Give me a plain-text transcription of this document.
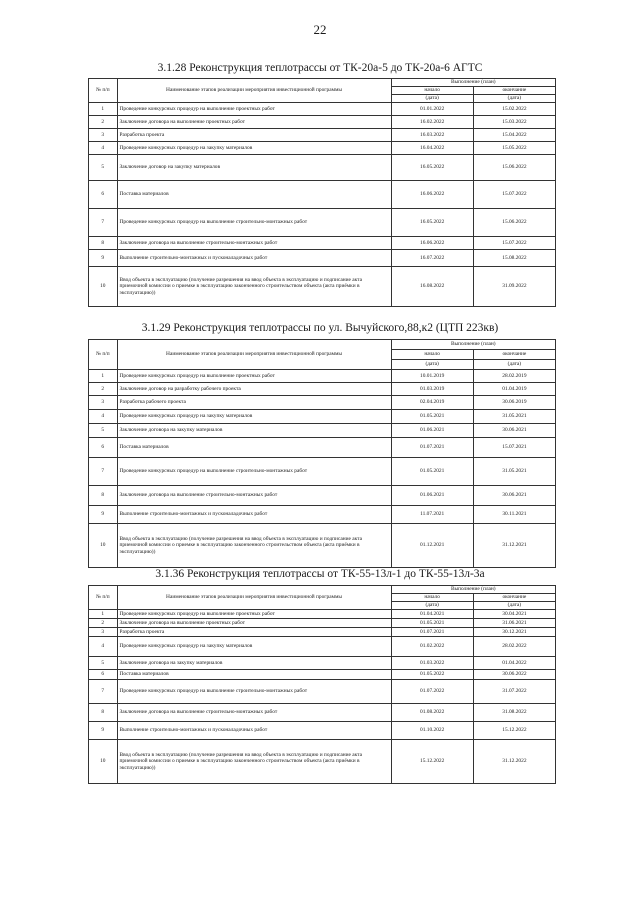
22
3.1.28 Реконструкция теплотрассы от ТК-20а-5 до ТК-20а-6 АГТС
№ п/п	Наименование этапов реализации мероприятия инвестиционной программы	Выполнение (план)	
		начало	окончание
		(дата)	(дата)
1	Проведение конкурсных процедур на выполнение проектных работ	01.01.2022	15.02.2022
2	Заключение договора на выполнение проектных работ	16.02.2022	15.03.2022
3	Разработка проекта	16.03.2022	15.04.2022
4	Проведение конкурсных процедур на закупку материалов	16.04.2022	15.05.2022
5	Заключение договор на закупку материалов	16.05.2022	15.06.2022
6	Поставка материалов	16.06.2022	15.07.2022
7	Проведение конкурсных процедур на выполнение строительно-монтажных работ	16.05.2022	15.06.2022
8	Заключение договора на выполнение строительно-монтажных работ	16.06.2022	15.07.2022
9	Выполнение строительно-монтажных и пусконаладочных работ	16.07.2022	15.08.2022
10	Ввод объекта в эксплуатацию (получение разрешения на ввод объекта в эксплуатацию и подписание акта приемочной комиссии о приемке в эксплуатацию законченного строительством объекта (акта приёмки в эксплуатацию))	16.08.2022	31.09.2022
3.1.29 Реконструкция теплотрассы по ул. Вычуйского,88,к2 (ЦТП 223кв)
№ п/п	Наименование этапов реализации мероприятия инвестиционной программы	Выполнение (план)	
		начало	окончание
		(дата)	(дата)
1	Проведение конкурсных процедур на выполнение проектных работ	10.01.2019	28.02.2019
2	Заключение договор на разработку рабочего проекта	01.03.2019	01.04.2019
3	Разработка рабочего проекта	02.04.2019	30.06.2019
4	Проведение конкурсных процедур на закупку материалов	01.05.2021	31.05.2021
5	Заключение договора на закупку материалов	01.06.2021	30.06.2021
6	Поставка материалов	01.07.2021	15.07.2021
7	Проведение конкурсных процедур на выполнение строительно-монтажных работ	01.05.2021	31.05.2021
8	Заключение договора на выполнение строительно-монтажных работ	01.06.2021	30.06.2021
9	Выполнение строительно-монтажных и пусконаладочных работ	11.07.2021	30.11.2021
10	Ввод объекта в эксплуатацию (получение разрешения на ввод объекта в эксплуатацию и подписание акта приемочной комиссии о приемке в эксплуатацию законченного строительством объекта (акта приёмки в эксплуатацию))	01.12.2021	31.12.2021
3.1.36 Реконструкция теплотрассы от ТК-55-13л-1 до ТК-55-13л-3а
№ п/п	Наименование этапов реализации мероприятия инвестиционной программы	Выполнение (план)	
		начало	окончание
		(дата)	(дата)
1	Проведение конкурсных процедур на выполнение проектных работ	01.04.2021	30.04.2021
2	Заключение договора на выполнение проектных работ	01.05.2021	31.06.2021
3	Разработка проекта	01.07.2021	30.12.2021
4	Проведение конкурсных процедур на закупку материалов	01.02.2022	28.02.2022
5	Заключение договора на закупку материалов	01.03.2022	01.04.2022
6	Поставка материалов	01.05.2022	30.06.2022
7	Проведение конкурсных процедур на выполнение строительно-монтажных работ	01.07.2022	31.07.2022
8	Заключение договора на выполнение строительно-монтажных работ	01.08.2022	31.08.2022
9	Выполнение строительно-монтажных и пусконаладочных работ	01.10.2022	15.12.2022
10	Ввод объекта в эксплуатацию (получение разрешения на ввод объекта в эксплуатацию и подписание акта приемочной комиссии о приемке в эксплуатацию законченного строительством объекта (акта приёмки в эксплуатацию))	15.12.2022	31.12.2022
